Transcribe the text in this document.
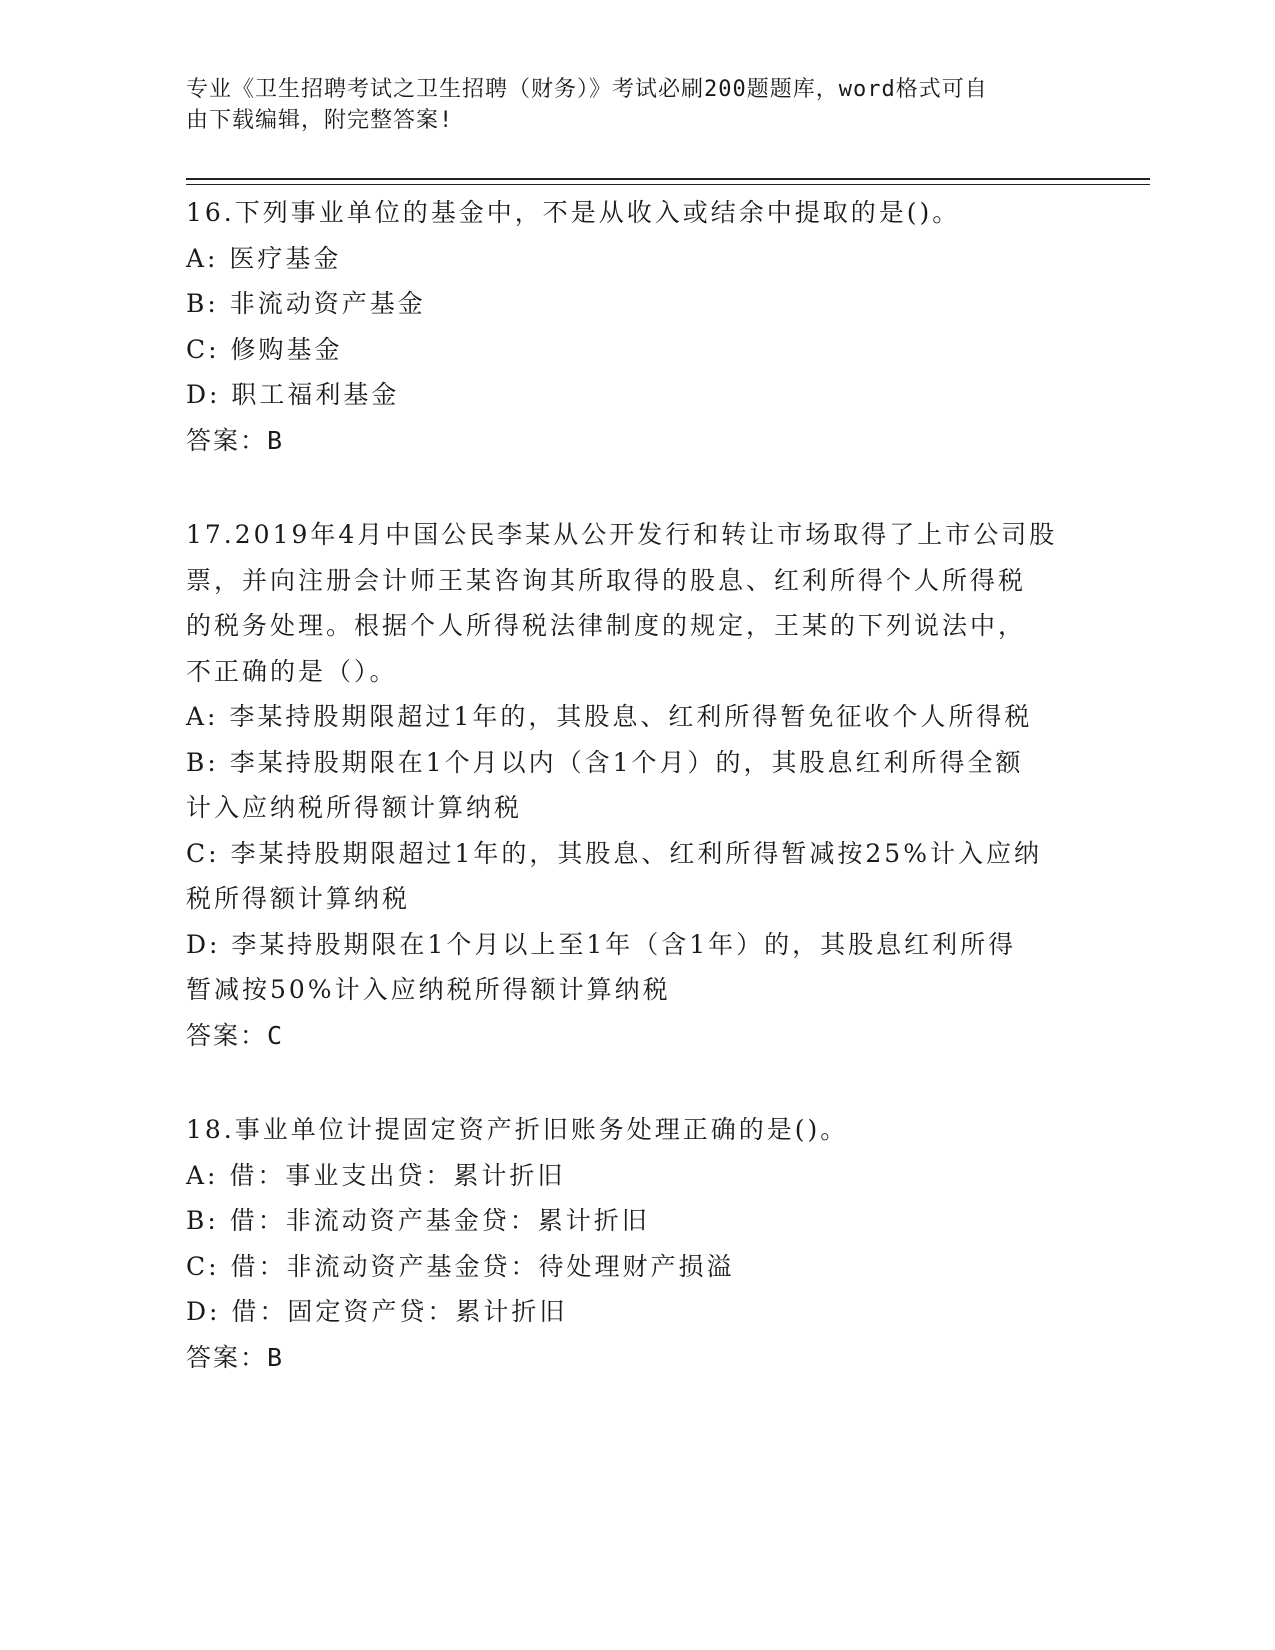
专业《卫生招聘考试之卫生招聘（财务）》考试必刷200题题库，word格式可自
由下载编辑，附完整答案!

16.下列事业单位的基金中，不是从收入或结余中提取的是()。

A: 医疗基金

B: 非流动资产基金

C: 修购基金

D: 职工福利基金

答案：B

17.2019年4月中国公民李某从公开发行和转让市场取得了上市公司股

票，并向注册会计师王某咨询其所取得的股息、红利所得个人所得税

的税务处理。根据个人所得税法律制度的规定，王某的下列说法中，

不正确的是（）。

A: 李某持股期限超过1年的，其股息、红利所得暂免征收个人所得税

B: 李某持股期限在1个月以内（含1个月）的，其股息红利所得全额

计入应纳税所得额计算纳税

C: 李某持股期限超过1年的，其股息、红利所得暂减按25%计入应纳

税所得额计算纳税

D: 李某持股期限在1个月以上至1年（含1年）的，其股息红利所得

暂减按50%计入应纳税所得额计算纳税

答案：C

18.事业单位计提固定资产折旧账务处理正确的是()。

A: 借：事业支出贷：累计折旧

B: 借：非流动资产基金贷：累计折旧

C: 借：非流动资产基金贷：待处理财产损溢

D: 借：固定资产贷：累计折旧

答案：B
